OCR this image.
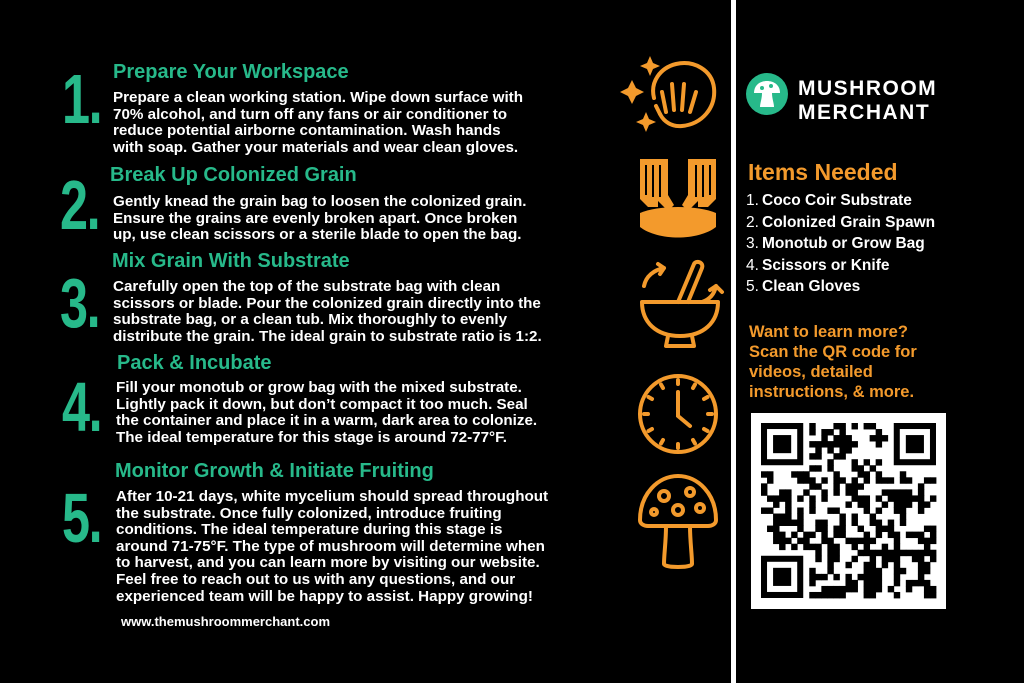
1. Prepare Your Workspace
Prepare a clean working station. Wipe down surface with
70% alcohol, and turn off any fans or air conditioner to
reduce potential airborne contamination. Wash hands
with soap. Gather your materials and wear clean gloves.
2. Break Up Colonized Grain
Gently knead the grain bag to loosen the colonized grain.
Ensure the grains are evenly broken apart. Once broken
up, use clean scissors or a sterile blade to open the bag.
3.
Mix Grain With Substrate
Carefully open the top of the substrate bag with clean
scissors or blade. Pour the colonized grain directly into the
substrate bag, or a clean tub. Mix thoroughly to evenly
distribute the grain. The ideal grain to substrate ratio is 1:2.
4.
Pack & Incubate
Fill your monotub or grow bag with the mixed substrate.
Lightly pack it down, but don’t compact it too much. Seal
the container and place it in a warm, dark area to colonize.
The ideal temperature for this stage is around 72-77°F.
5.
Monitor Growth & Initiate Fruiting
After 10-21 days, white mycelium should spread throughout
the substrate. Once fully colonized, introduce fruiting
conditions. The ideal temperature during this stage is
around 71-75°F. The type of mushroom will determine when
to harvest, and you can learn more by visiting our website.
Feel free to reach out to us with any questions, and our
experienced team will be happy to assist. Happy growing!
www.themushroommerchant.com
MUSHROOM
MERCHANT
Items Needed
1. Coco Coir Substrate
2. Colonized Grain Spawn
3. Monotub or Grow Bag
4. Scissors or Knife
5. Clean Gloves
Want to learn more?
Scan the QR code for
videos, detailed
instructions, & more.
